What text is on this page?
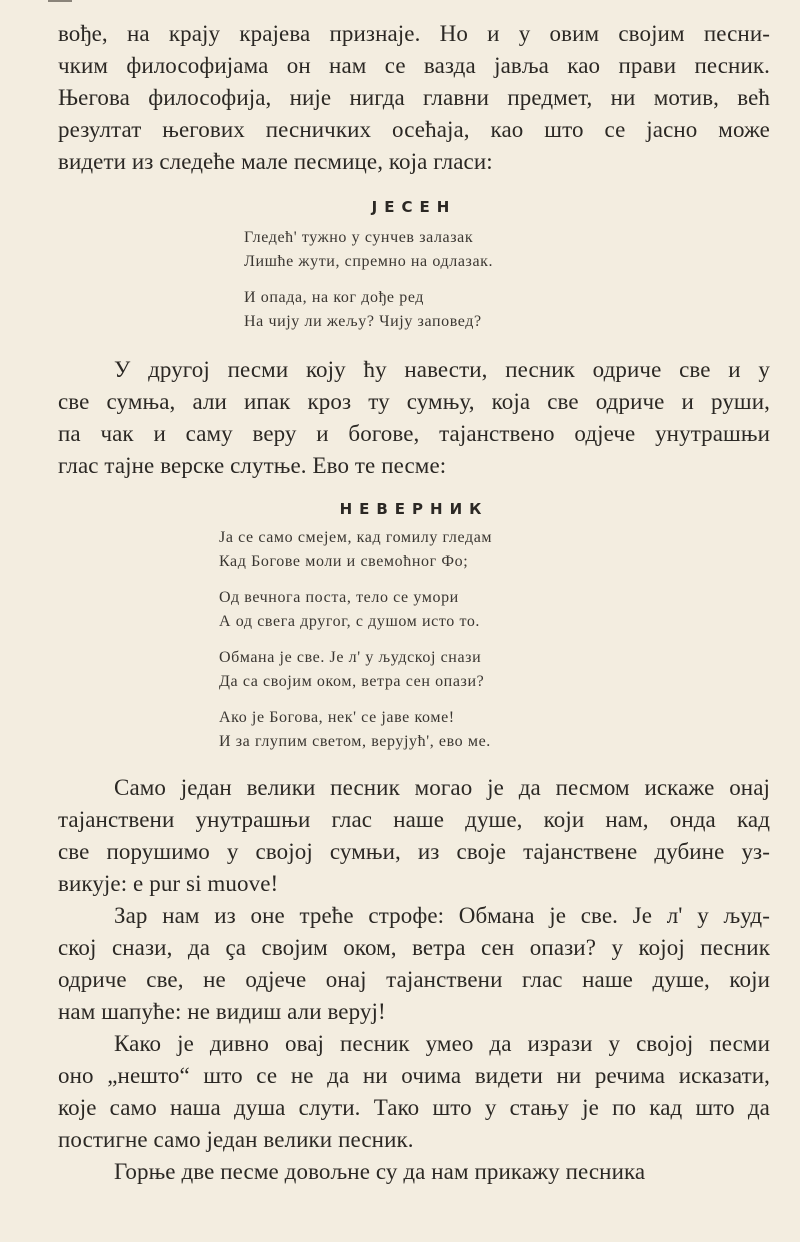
вође, на крају крајева признаје. Но и у овим својим песни-
чким философијама он нам се вазда јавља као прави песник.
Његова философија, није нигда главни предмет, ни мотив, већ
резултат његових песничких осећаја, као што се јасно може
видети из следеће мале песмице, која гласи:

ЈЕСЕН

Гледећ' тужно у сунчев залазак
Лишће жути, спремно на одлазак.

И опада, на ког дође ред
На чију ли жељу? Чију заповед?

У другој песми коју ћу навести, песник одриче све и у
све сумња, али ипак кроз ту сумњу, која све одриче и руши,
па чак и саму веру и богове, тајанствено одјече унутрашњи
глас тајне верске слутње. Ево те песме:

НЕВЕРНИК

Ја се само смејем, кад гомилу гледам
Кад Богове моли и свемоћног Фо;

Од вечнога поста, тело се умори
А од свега другог, с душом исто то.

Обмана је све. Је л' у људској снази
Да са својим оком, ветра сен опази?

Ако је Богова, нек' се јаве коме!
И за глупим светом, верујућ', ево ме.

Само један велики песник могао је да песмом искаже онај
тајанствени унутрашњи глас наше душе, који нам, онда кад
све порушимо у својој сумњи, из своје тајанствене дубине уз-
викује: е pur si muove!

Зар нам из оне треће строфе: Обмана је све. Је л' у људ-
ској снази, да ça својим оком, ветра сен опази? у којој песник
одриче све, не одјече онај тајанствени глас наше душе, који
нам шапуће: не видиш али веруј!

Како је дивно овај песник умео да изрази у својој песми
оно „нешто“ што се не да ни очима видети ни речима исказати,
које само наша душа слути. Тако што у стању је по кад што да
постигне само један велики песник.

Горње две песме довољне су да нам прикажу песника
